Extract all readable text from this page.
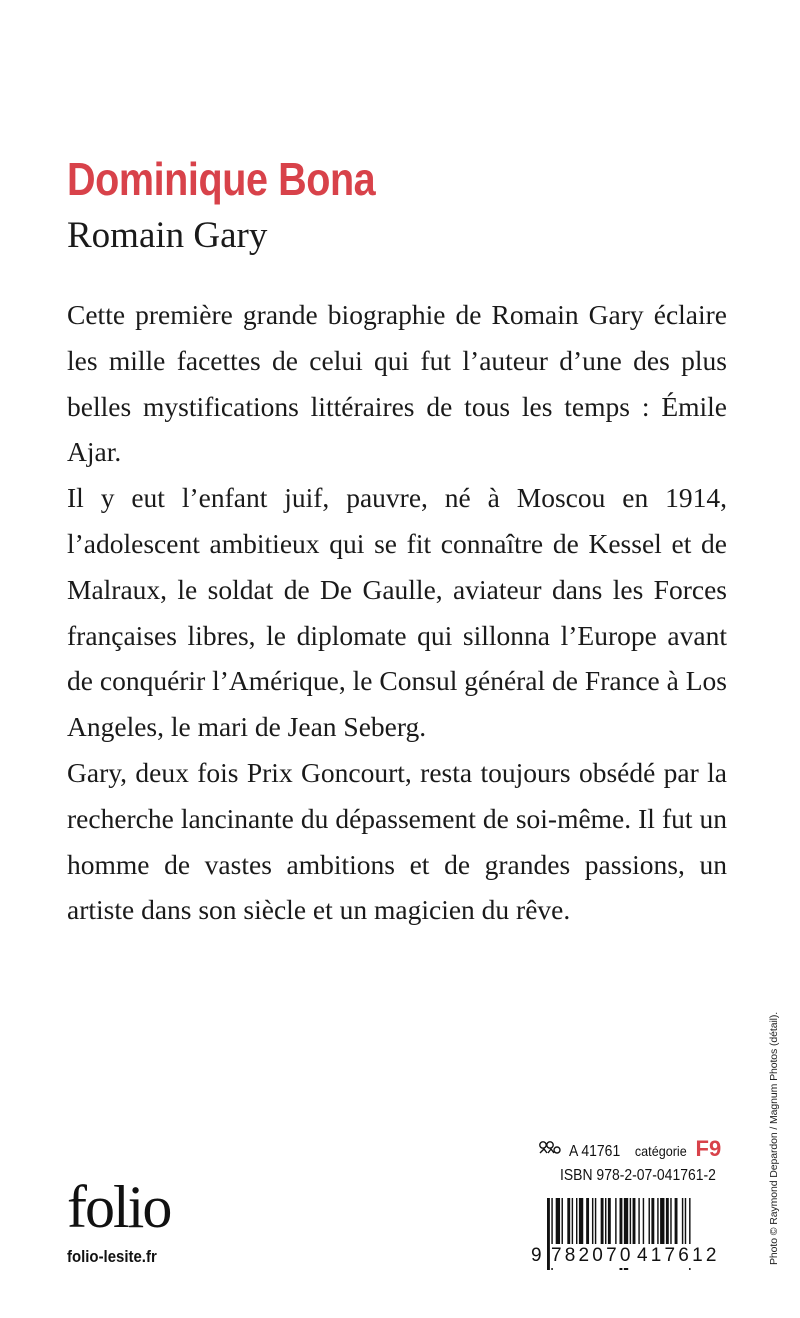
Dominique Bona
Romain Gary

Cette première grande biographie de Romain Gary éclaire les mille facettes de celui qui fut l’auteur d’une des plus belles mystifications littéraires de tous les temps : Émile Ajar.

Il y eut l’enfant juif, pauvre, né à Moscou en 1914, l’adolescent ambitieux qui se fit connaître de Kessel et de Malraux, le soldat de De Gaulle, aviateur dans les Forces françaises libres, le diplomate qui sillonna l’Europe avant de conquérir l’Amérique, le Consul général de France à Los Angeles, le mari de Jean Seberg.

Gary, deux fois Prix Goncourt, resta toujours obsédé par la recherche lancinante du dépassement de soi-même. Il fut un homme de vastes ambitions et de grandes passions, un artiste dans son siècle et un magicien du rêve.

Photo © Raymond Depardon / Magnum Photos (détail).
folio
folio-lesite.fr
A 41761 catégorie F9
ISBN 978-2-07-041761-2
9 782070 417612
